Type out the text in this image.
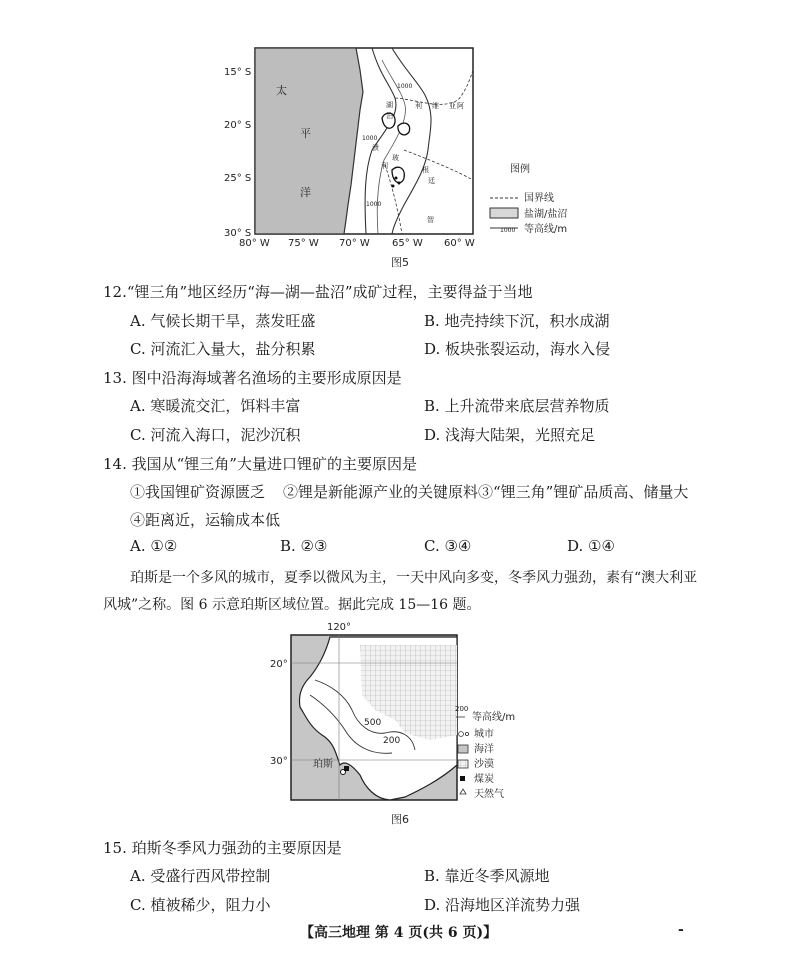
15° S
20° S
25° S
30° S
80° W 75° W 70° W 65° W 60° W
太
平
洋
湖
泊
溃
玻
利 维 亚 阿
根
廷
智
利
1000
1000
1000
图例
国界线
盐湖/盐沼
1000 等高线/m
图5
12.“锂三角”地区经历“海—湖—盐沼”成矿过程，主要得益于当地
A. 气候长期干旱，蒸发旺盛	B. 地壳持续下沉，积水成湖
C. 河流汇入量大，盐分积累	D. 板块张裂运动，海水入侵
13. 图中沿海海域著名渔场的主要形成原因是
A. 寒暖流交汇，饵料丰富	B. 上升流带来底层营养物质
C. 河流入海口，泥沙沉积	D. 浅海大陆架，光照充足
14. 我国从“锂三角”大量进口锂矿的主要原因是
①我国锂矿资源匮乏 ②锂是新能源产业的关键原料 ③“锂三角”锂矿品质高、储量大
④距离近，运输成本低
A. ①②	B. ②③	C. ③④	D. ①④
珀斯是一个多风的城市，夏季以微风为主，一天中风向多变，冬季风力强劲，素有“澳大利亚
风城”之称。图 6 示意珀斯区域位置。据此完成 15—16 题。
120°
20°
30°	珀斯
500
200
200
等高线/m
城市
海洋
沙漠
煤炭
天然气
图6
15. 珀斯冬季风力强劲的主要原因是
A. 受盛行西风带控制	B. 靠近冬季风源地
C. 植被稀少，阻力小	D. 沿海地区洋流势力强
【高三地理 第 4 页(共 6 页)】	-
